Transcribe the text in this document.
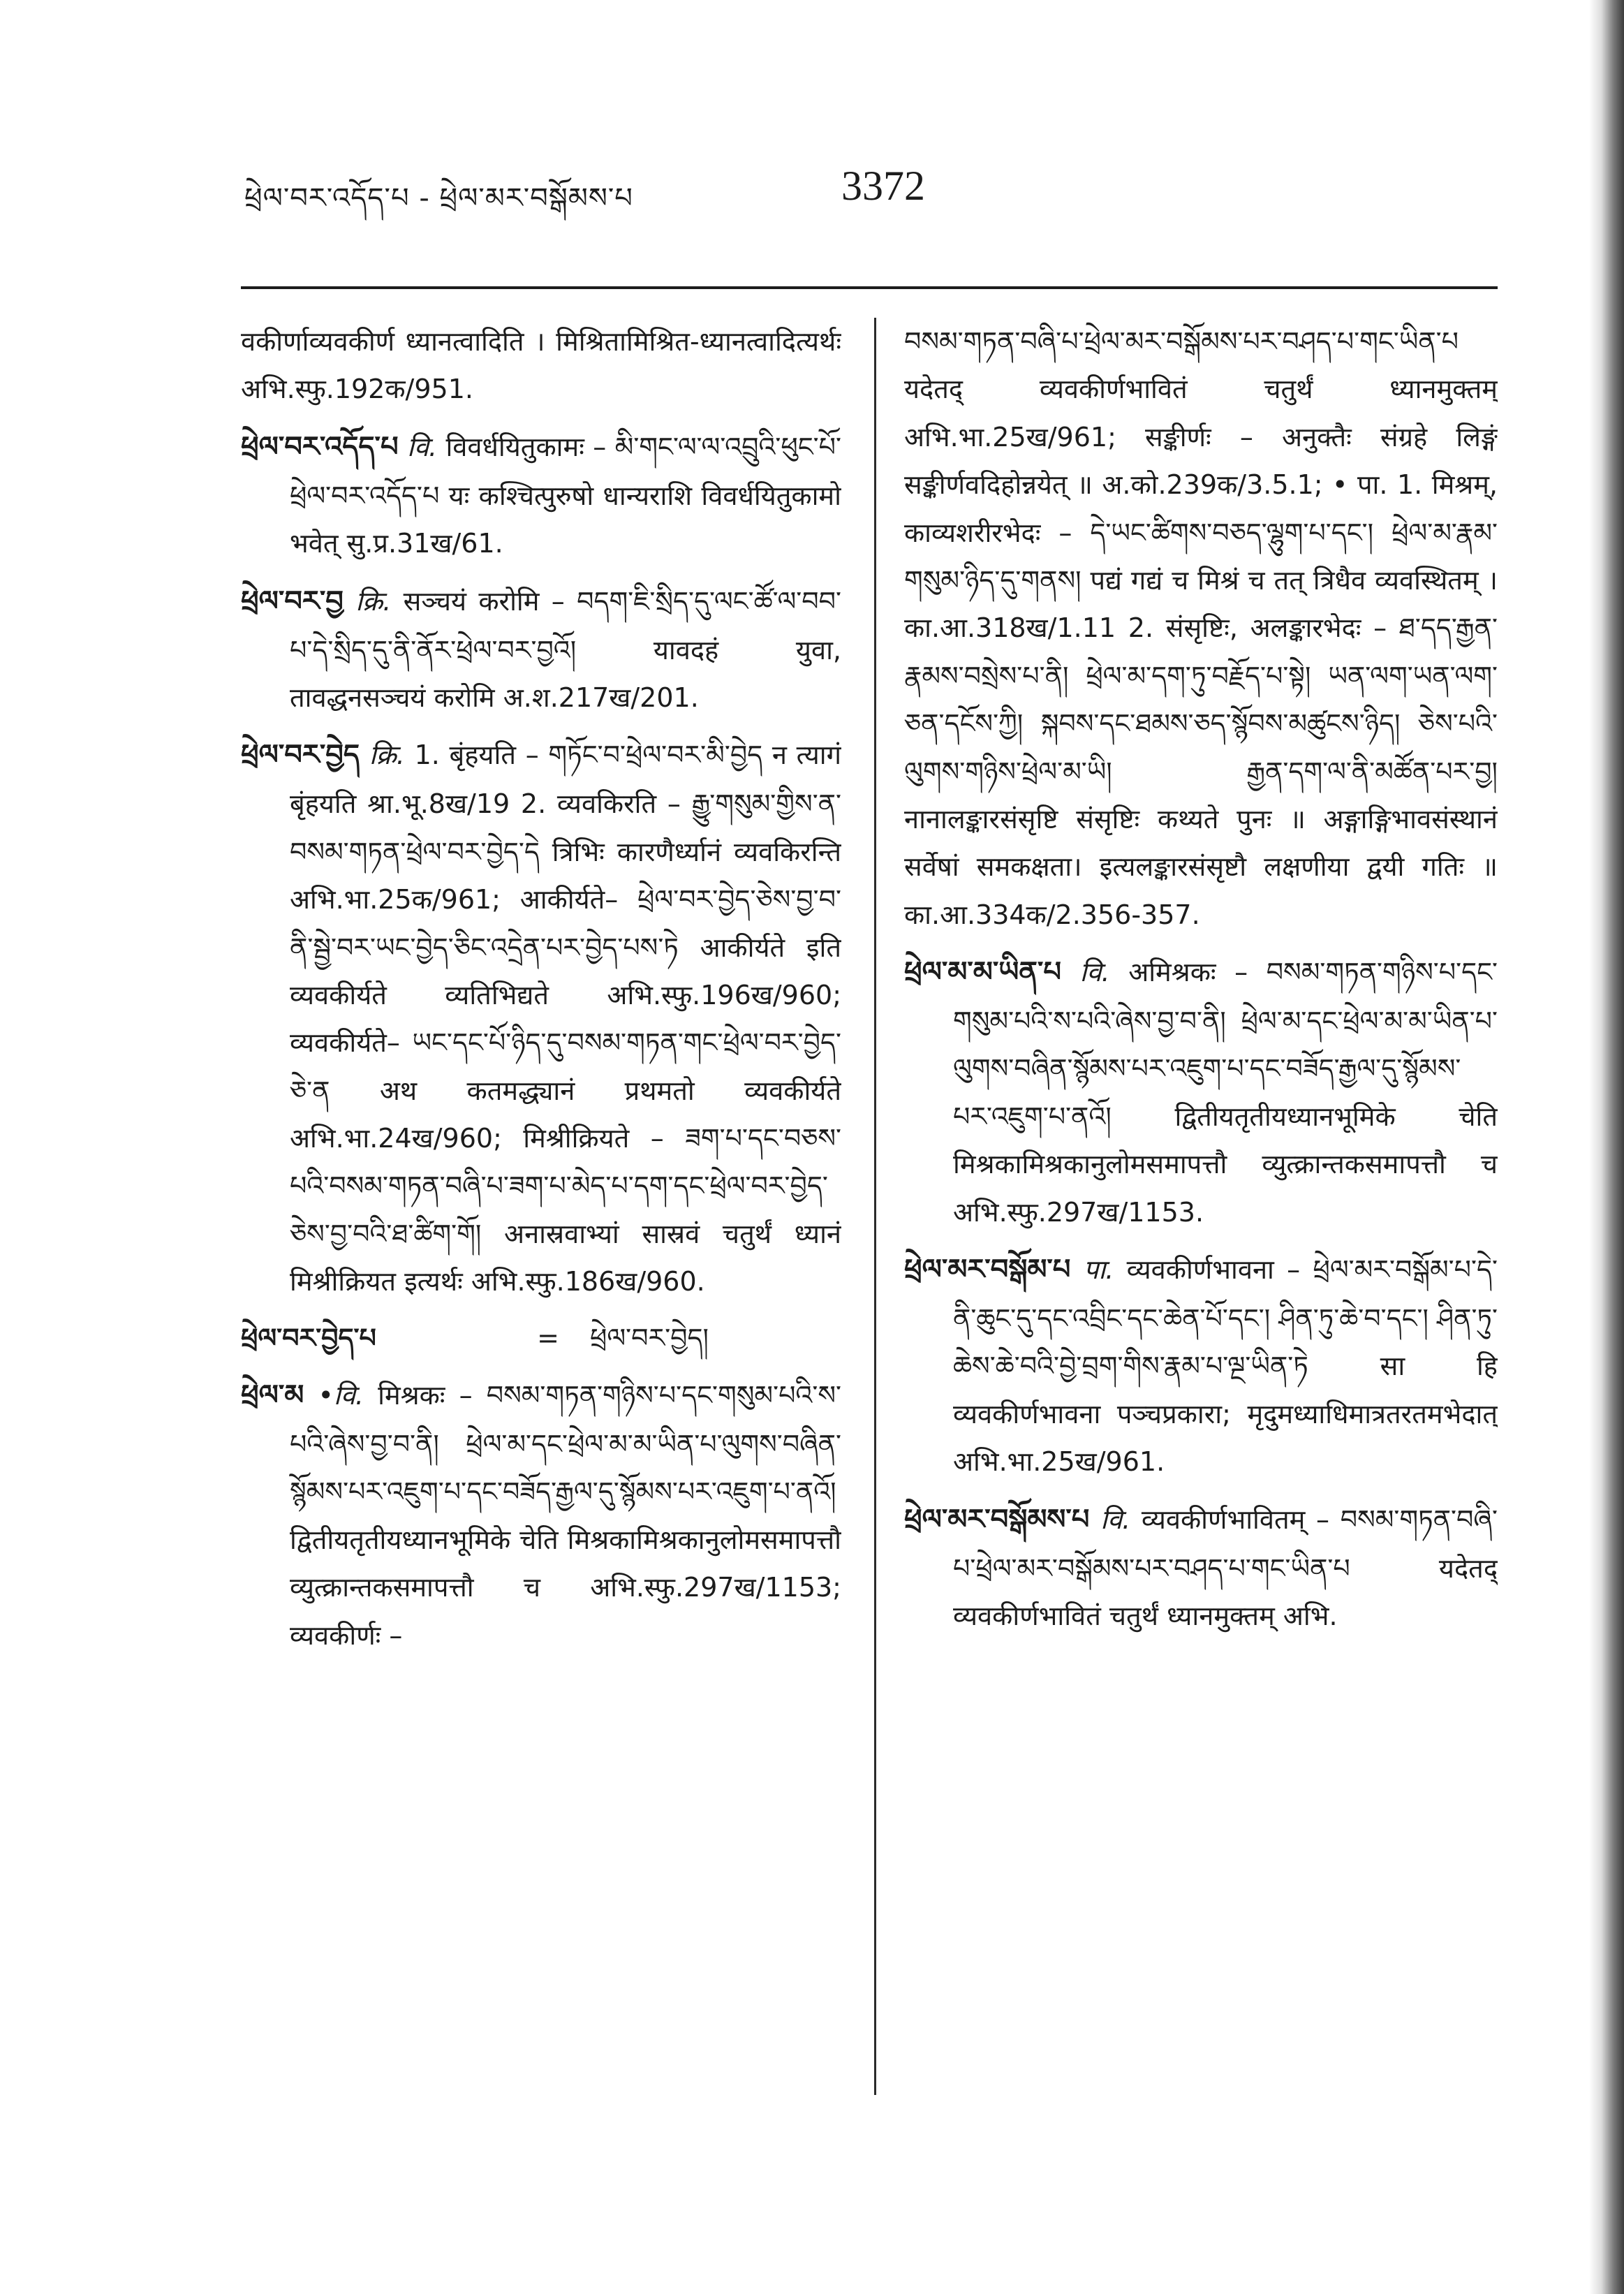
ཕྲེལ་བར་འདོད་པ - ཕྲེལ་མར་བསྒོམས་པ	3372

वकीर्णाव्यवकीर्ण ध्यानत्वादिति । मिश्रितामिश्रित-ध्यानत्वादित्यर्थः अभि.स्फु.192क/951.

ཕྲེལ་བར་འདོད་པ वि. विवर्धयितुकामः – མི་གང་ལ་ལ་འབྲུའི་ཕུང་པོ་ཕྲེལ་བར་འདོད་པ यः कश्चित्पुरुषो धान्यराशि विवर्धयितुकामो भवेत् सु.प्र.31ख/61.

ཕྲེལ་བར་བྱ क्रि. सञ्चयं करोमि – བདག་ཇི་སྲིད་དུ་ལང་ཚོ་ལ་བབ་པ་དེ་སྲིད་དུ་ནི་ནོར་ཕྲེལ་བར་བྱའོ། यावदहं युवा, तावद्धनसञ्चयं करोमि अ.श.217ख/201.

ཕྲེལ་བར་བྱེད क्रि. 1. बृंहयति – གཏོང་བ་ཕྲེལ་བར་མི་བྱེད न त्यागं बृंहयति श्रा.भू.8ख/19 2. व्यवकिरति – རྒྱུ་གསུམ་གྱིས་ན་བསམ་གཏན་ཕྲེལ་བར་བྱེད་དེ त्रिभिः कारणैर्ध्यानं व्यवकिरन्ति अभि.भा.25क/961; आकीर्यते– ཕྲེལ་བར་བྱེད་ཅེས་བྱ་བ་ནི་སྦྱེ་བར་ཡང་བྱེད་ཅིང་འདྲེན་པར་བྱེད་པས་ཏེ आकीर्यते इति व्यवकीर्यते व्यतिभिद्यते अभि.स्फु.196ख/960; व्यवकीर्यते– ཡང་དང་པོ་ཉིད་དུ་བསམ་གཏན་གང་ཕྲེལ་བར་བྱེད་ཅེ་ན अथ कतमद्ध्यानं प्रथमतो व्यवकीर्यते अभि.भा.24ख/960; मिश्रीक्रियते – ཟག་པ་དང་བཅས་པའི་བསམ་གཏན་བཞི་པ་ཟག་པ་མེད་པ་དག་དང་ཕྲེལ་བར་བྱེད་ཅེས་བྱ་བའི་ཐ་ཚིག་གོ། अनास्रवाभ्यां सास्रवं चतुर्थं ध्यानं मिश्रीक्रियत इत्यर्थः अभि.स्फु.186ख/960.

ཕྲེལ་བར་བྱེད་པ	=	ཕྲེལ་བར་བྱེད།

ཕྲེལ་མ •वि. मिश्रकः – བསམ་གཏན་གཉིས་པ་དང་གསུམ་པའི་ས་པའི་ཞེས་བྱ་བ་ནི། ཕྲེལ་མ་དང་ཕྲེལ་མ་མ་ཡིན་པ་ལུགས་བཞིན་སྙོམས་པར་འཇུག་པ་དང་བཟོད་རྒྱལ་དུ་སྙོམས་པར་འཇུག་པ་ནའོ། द्वितीयतृतीयध्यानभूमिके चेति मिश्रकामिश्रकानुलोमसमापत्तौ व्युत्क्रान्तकसमापत्तौ च अभि.स्फु.297ख/1153; व्यवकीर्णः –

བསམ་གཏན་བཞི་པ་ཕྲེལ་མར་བསྒོམས་པར་བཤད་པ་གང་ཡིན་པ यदेतद् व्यवकीर्णभावितं चतुर्थं ध्यानमुक्तम् अभि.भा.25ख/961; सङ्कीर्णः – अनुक्तैः संग्रहे लिङ्गं सङ्कीर्णवदिहोन्नयेत् ॥ अ.को.239क/3.5.1; • पा. 1. मिश्रम्, काव्यशरीरभेदः – དེ་ཡང་ཚིགས་བཅད་ལྷུག་པ་དང་། ཕྲེལ་མ་རྣམ་གསུམ་ཉིད་དུ་གནས། पद्यं गद्यं च मिश्रं च तत् त्रिधैव व्यवस्थितम् । का.आ.318ख/1.11 2. संसृष्टिः, अलङ्कारभेदः – ཐ་དད་རྒྱན་རྣམས་བསྲེས་པ་ནི། ཕྲེལ་མ་དག་ཏུ་བརྗོད་པ་སྟེ། ཡན་ལག་ཡན་ལག་ཅན་དངོས་ཀྱི། སྐབས་དང་ཐམས་ཅད་སྙོབས་མཚུངས་ཉིད། ཅེས་པའི་ལུགས་གཉིས་ཕྲེལ་མ་ཡི། རྒྱན་དག་ལ་ནི་མཚོན་པར་བྱ། नानालङ्कारसंसृष्टि संसृष्टिः कथ्यते पुनः ॥ अङ्गाङ्गिभावसंस्थानं सर्वेषां समकक्षता। इत्यलङ्कारसंसृष्टौ लक्षणीया द्वयी गतिः ॥ का.आ.334क/2.356-357.

ཕྲེལ་མ་མ་ཡིན་པ वि. अमिश्रकः – བསམ་གཏན་གཉིས་པ་དང་གསུམ་པའི་ས་པའི་ཞེས་བྱ་བ་ནི། ཕྲེལ་མ་དང་ཕྲེལ་མ་མ་ཡིན་པ་ལུགས་བཞིན་སྙོམས་པར་འཇུག་པ་དང་བཟོད་རྒྱལ་དུ་སྙོམས་པར་འཇུག་པ་ནའོ། द्वितीयतृतीयध्यानभूमिके चेति मिश्रकामिश्रकानुलोमसमापत्तौ व्युत्क्रान्तकसमापत्तौ च अभि.स्फु.297ख/1153.

ཕྲེལ་མར་བསྒོམ་པ पा. व्यवकीर्णभावना – ཕྲེལ་མར་བསྒོམ་པ་དེ་ནི་ཆུང་དུ་དང་འབྲིང་དང་ཆེན་པོ་དང་། ཤིན་ཏུ་ཆེ་བ་དང་། ཤིན་ཏུ་ཆེས་ཆེ་བའི་བྱེ་བྲག་གིས་རྣམ་པ་ལྔ་ཡིན་ཏེ सा हि व्यवकीर्णभावना पञ्चप्रकारा; मृदुमध्याधिमात्रतरतमभेदात् अभि.भा.25ख/961.

ཕྲེལ་མར་བསྒོམས་པ वि. व्यवकीर्णभावितम् – བསམ་གཏན་བཞི་པ་ཕྲེལ་མར་བསྒོམས་པར་བཤད་པ་གང་ཡིན་པ यदेतद् व्यवकीर्णभावितं चतुर्थं ध्यानमुक्तम् अभि.
